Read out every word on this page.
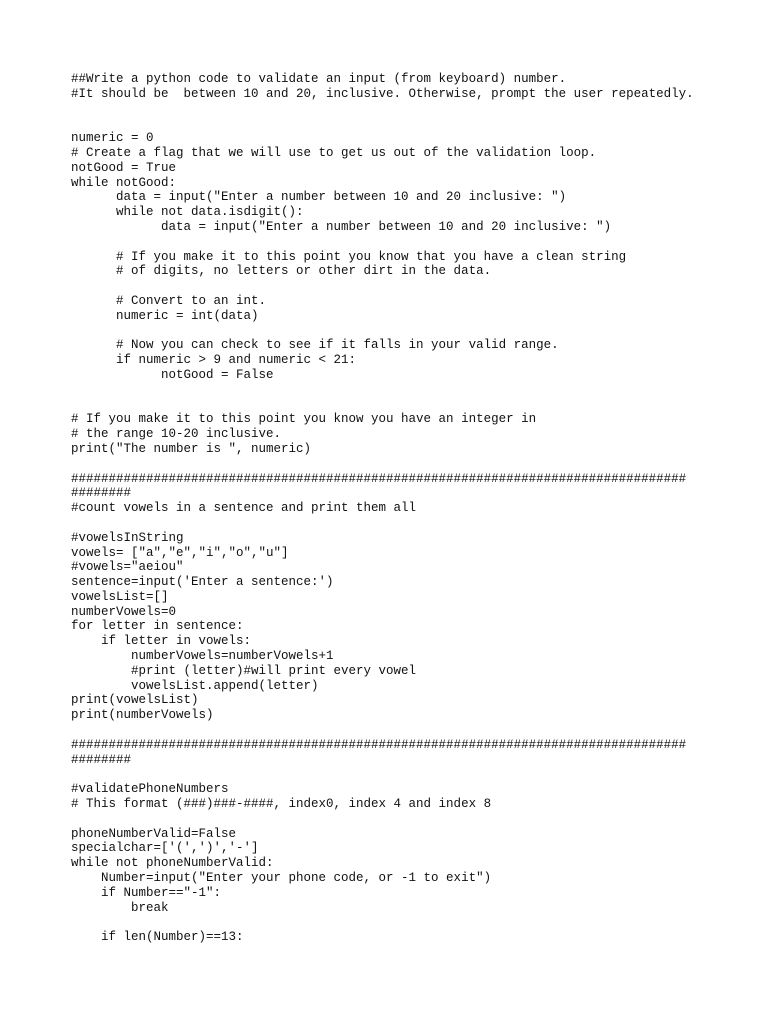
##Write a python code to validate an input (from keyboard) number.
#It should be  between 10 and 20, inclusive. Otherwise, prompt the user repeatedly.
numeric = 0
# Create a flag that we will use to get us out of the validation loop.
notGood = True
while notGood:
data = input("Enter a number between 10 and 20 inclusive: ")
while not data.isdigit():
data = input("Enter a number between 10 and 20 inclusive: ")
# If you make it to this point you know that you have a clean string
# of digits, no letters or other dirt in the data.
# Convert to an int.
numeric = int(data)
# Now you can check to see if it falls in your valid range.
if numeric > 9 and numeric < 21:
notGood = False
# If you make it to this point you know you have an integer in
# the range 10-20 inclusive.
print("The number is ", numeric)
##################################################################################
########
#count vowels in a sentence and print them all
#vowelsInString
vowels= ["a","e","i","o","u"]
#vowels="aeiou"
sentence=input('Enter a sentence:')
vowelsList=[]
numberVowels=0
for letter in sentence:
if letter in vowels:
numberVowels=numberVowels+1
#print (letter)#will print every vowel
vowelsList.append(letter)
print(vowelsList)
print(numberVowels)
##################################################################################
########
#validatePhoneNumbers
# This format (###)###-####, index0, index 4 and index 8
phoneNumberValid=False
specialchar=['(',')','-']
while not phoneNumberValid:
Number=input("Enter your phone code, or -1 to exit")
if Number=="-1":
break
if len(Number)==13:
